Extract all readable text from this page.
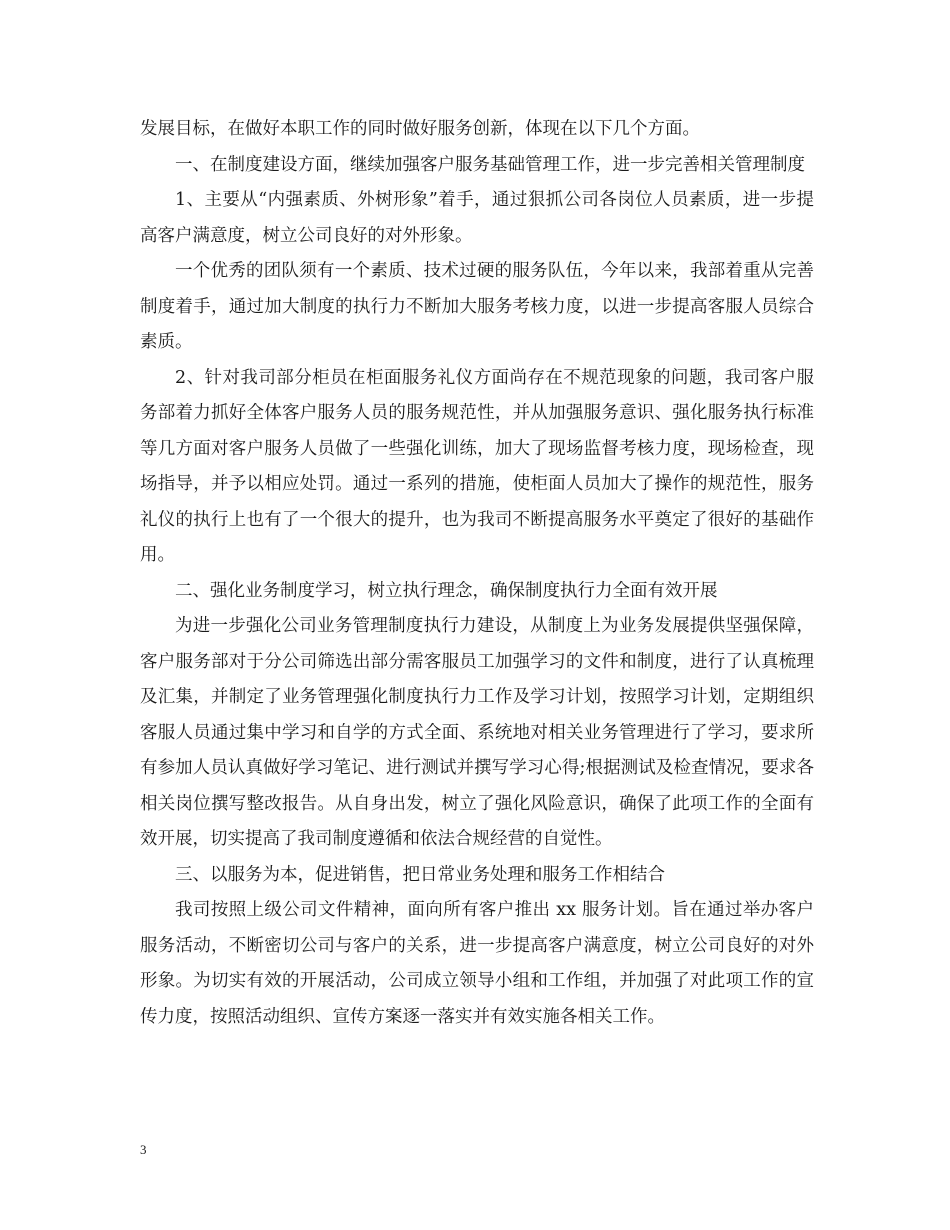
发展目标，在做好本职工作的同时做好服务创新，体现在以下几个方面。

一、在制度建设方面，继续加强客户服务基础管理工作，进一步完善相关管理制度

1、主要从“内强素质、外树形象”着手，通过狠抓公司各岗位人员素质，进一步提高客户满意度，树立公司良好的对外形象。

一个优秀的团队须有一个素质、技术过硬的服务队伍，今年以来，我部着重从完善制度着手，通过加大制度的执行力不断加大服务考核力度，以进一步提高客服人员综合素质。

2、针对我司部分柜员在柜面服务礼仪方面尚存在不规范现象的问题，我司客户服务部着力抓好全体客户服务人员的服务规范性，并从加强服务意识、强化服务执行标准等几方面对客户服务人员做了一些强化训练，加大了现场监督考核力度，现场检查，现场指导，并予以相应处罚。通过一系列的措施，使柜面人员加大了操作的规范性，服务礼仪的执行上也有了一个很大的提升，也为我司不断提高服务水平奠定了很好的基础作用。

二、强化业务制度学习，树立执行理念，确保制度执行力全面有效开展

为进一步强化公司业务管理制度执行力建设，从制度上为业务发展提供坚强保障，客户服务部对于分公司筛选出部分需客服员工加强学习的文件和制度，进行了认真梳理及汇集，并制定了业务管理强化制度执行力工作及学习计划，按照学习计划，定期组织客服人员通过集中学习和自学的方式全面、系统地对相关业务管理进行了学习，要求所有参加人员认真做好学习笔记、进行测试并撰写学习心得;根据测试及检查情况，要求各相关岗位撰写整改报告。从自身出发，树立了强化风险意识，确保了此项工作的全面有效开展，切实提高了我司制度遵循和依法合规经营的自觉性。

三、以服务为本，促进销售，把日常业务处理和服务工作相结合

我司按照上级公司文件精神，面向所有客户推出 xx 服务计划。旨在通过举办客户服务活动，不断密切公司与客户的关系，进一步提高客户满意度，树立公司良好的对外形象。为切实有效的开展活动，公司成立领导小组和工作组，并加强了对此项工作的宣传力度，按照活动组织、宣传方案逐一落实并有效实施各相关工作。

3
